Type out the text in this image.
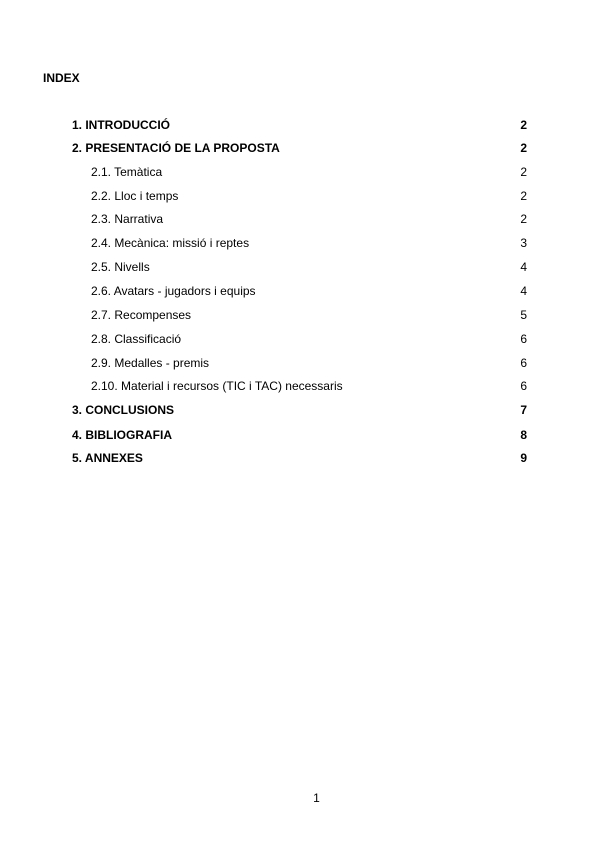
INDEX
1. INTRODUCCIÓ	2
2. PRESENTACIÓ DE LA PROPOSTA	2
2.1. Temàtica	2
2.2. Lloc i temps	2
2.3. Narrativa	2
2.4. Mecànica: missió i reptes	3
2.5. Nivells	4
2.6. Avatars - jugadors i equips	4
2.7. Recompenses	5
2.8. Classificació	6
2.9. Medalles - premis	6
2.10. Material i recursos (TIC i TAC) necessaris	6
3. CONCLUSIONS	7
4. BIBLIOGRAFIA	8
5. ANNEXES	9
1
